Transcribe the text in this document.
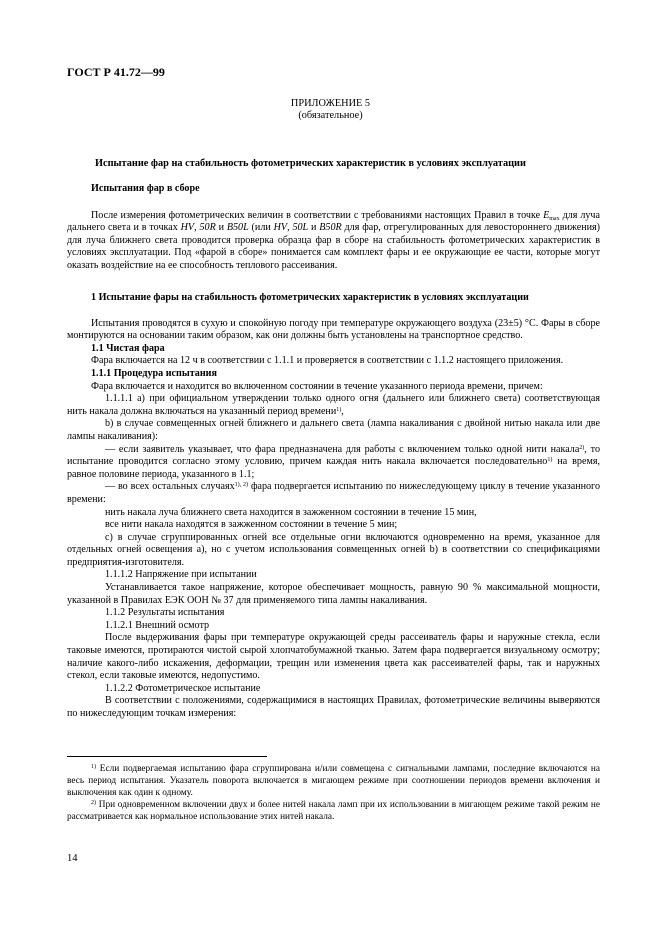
ГОСТ Р 41.72—99
ПРИЛОЖЕНИЕ 5
(обязательное)
Испытание фар на стабильность фотометрических характеристик в условиях эксплуатации

Испытания фар в сборе

После измерения фотометрических величин в соответствии с требованиями настоящих Правил в точке $E_{max}$ для луча дальнего света и в точках HV, 50R и B50L (или HV, 50L и B50R для фар, отрегулированных для левостороннего движения) для луча ближнего света проводится проверка образца фар в сборе на стабильность фотометрических характеристик в условиях эксплуатации. Под «фарой в сборе» понимается сам комплект фары и ее окружающие ее части, которые могут оказать воздействие на ее способность теплового рассеивания.

1 Испытание фары на стабильность фотометрических характеристик в условиях эксплуатации

Испытания проводятся в сухую и спокойную погоду при температуре окружающего воздуха (23±5) °С. Фары в сборе монтируются на основании таким образом, как они должны быть установлены на транспортное средство.

1.1 Чистая фара

Фара включается на 12 ч в соответствии с 1.1.1 и проверяется в соответствии с 1.1.2 настоящего приложения.

1.1.1 Процедура испытания

Фара включается и находится во включенном состоянии в течение указанного периода времени, причем:

1.1.1.1 а) при официальном утверждении только одного огня (дальнего или ближнего света) соответствующая нить накала должна включаться на указанный период времени$^{1)}$,

b) в случае совмещенных огней ближнего и дальнего света (лампа накаливания с двойной нитью накала или две лампы накаливания):

— если заявитель указывает, что фара предназначена для работы с включением только одной нити накала$^{2)}$, то испытание проводится согласно этому условию, причем каждая нить накала включается последовательно$^{1)}$ на время, равное половине периода, указанного в 1.1;

— во всех остальных случаях$^{1), 2)}$ фара подвергается испытанию по нижеследующему циклу в течение указанного времени:

нить накала луча ближнего света находится в зажженном состоянии в течение 15 мин,

все нити накала находятся в зажженном состоянии в течение 5 мин;

с) в случае сгруппированных огней все отдельные огни включаются одновременно на время, указанное для отдельных огней освещения а), но с учетом использования совмещенных огней b) в соответствии со спецификациями предприятия-изготовителя.

1.1.1.2 Напряжение при испытании

Устанавливается такое напряжение, которое обеспечивает мощность, равную 90 % максимальной мощности, указанной в Правилах ЕЭК ООН № 37 для применяемого типа лампы накаливания.

1.1.2 Результаты испытания

1.1.2.1 Внешний осмотр

После выдерживания фары при температуре окружающей среды рассеиватель фары и наружные стекла, если таковые имеются, протираются чистой сырой хлопчатобумажной тканью. Затем фара подвергается визуальному осмотру; наличие какого-либо искажения, деформации, трещин или изменения цвета как рассеивателей фары, так и наружных стекол, если таковые имеются, недопустимо.

1.1.2.2 Фотометрическое испытание

В соответствии с положениями, содержащимися в настоящих Правилах, фотометрические величины выверяются по нижеследующим точкам измерения:

$^{1)}$ Если подвергаемая испытанию фара сгруппирована и/или совмещена с сигнальными лампами, последние включаются на весь период испытания. Указатель поворота включается в мигающем режиме при соотношении периодов времени включения и выключения как один к одному.

$^{2)}$ При одновременном включении двух и более нитей накала ламп при их использовании в мигающем режиме такой режим не рассматривается как нормальное использование этих нитей накала.

14
